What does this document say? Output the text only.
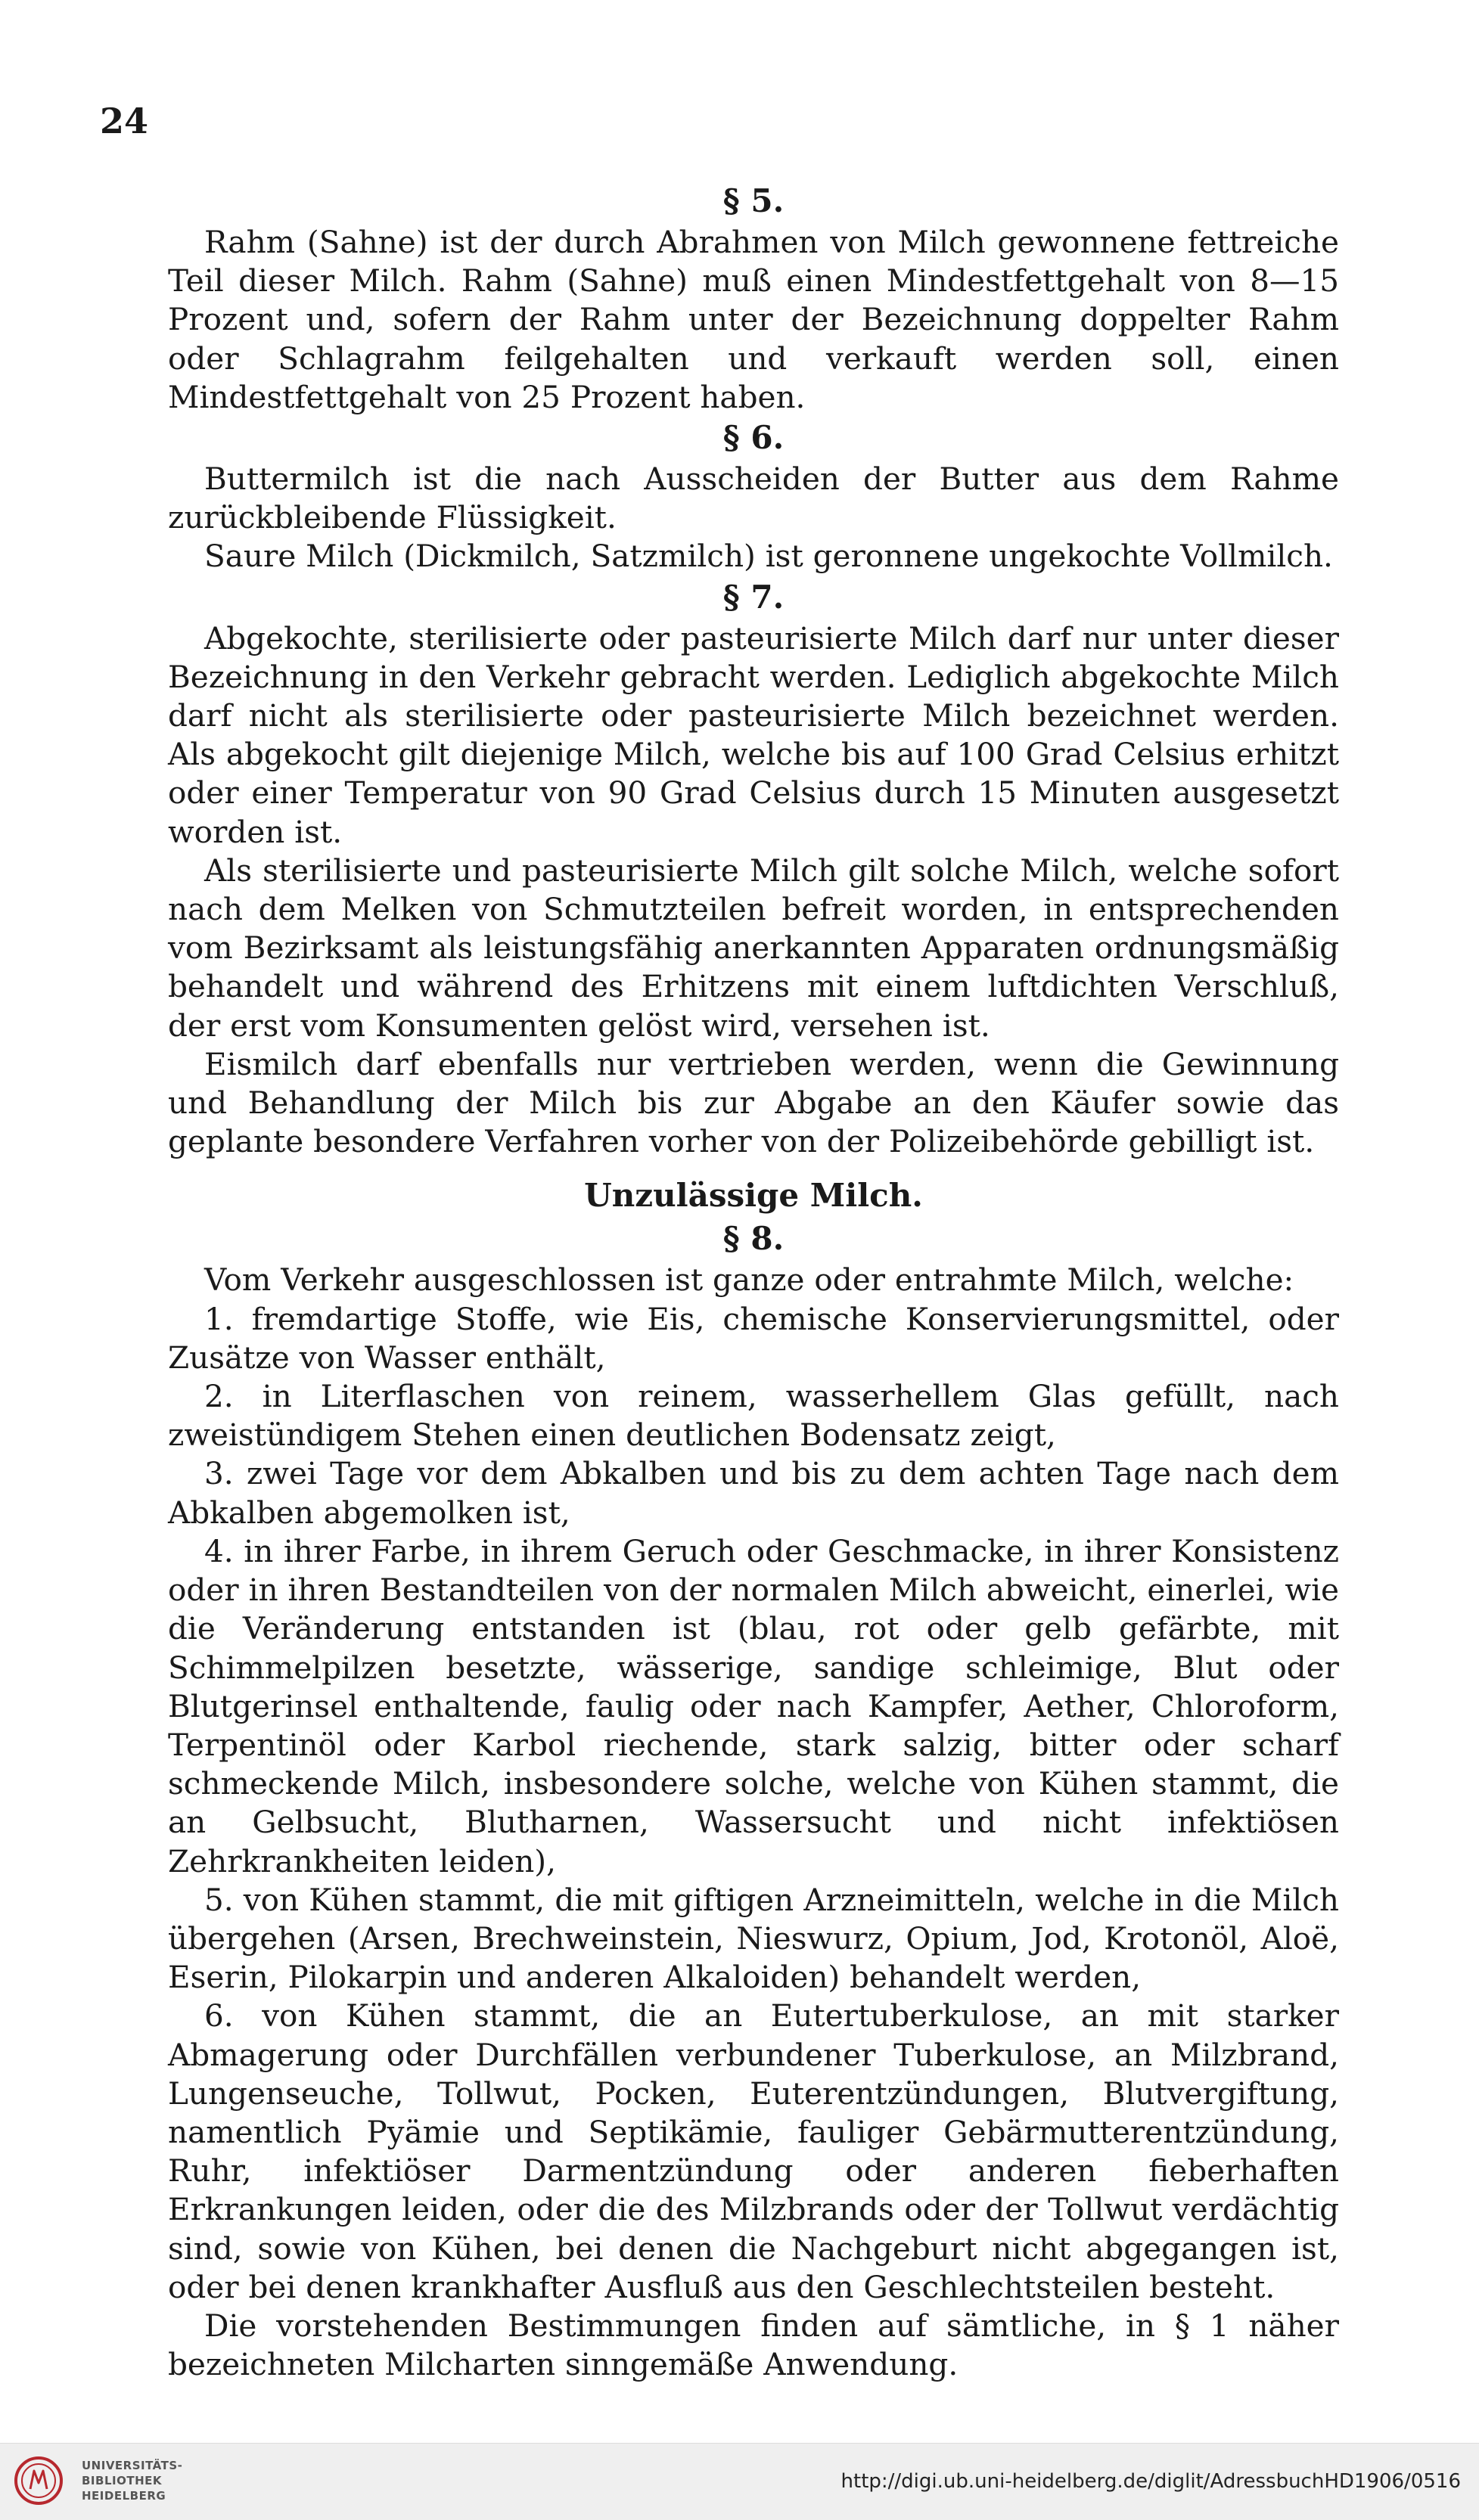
24
§ 5.

Rahm (Sahne) ist der durch Abrahmen von Milch gewonnene fettreiche Teil dieser Milch. Rahm (Sahne) muß einen Mindestfettgehalt von 8—15 Prozent und, sofern der Rahm unter der Bezeichnung doppelter Rahm oder Schlagrahm feilgehalten und verkauft werden soll, einen Mindestfettgehalt von 25 Prozent haben.

§ 6.

Buttermilch ist die nach Ausscheiden der Butter aus dem Rahme zurückbleibende Flüssigkeit.

Saure Milch (Dickmilch, Satzmilch) ist geronnene ungekochte Vollmilch.

§ 7.

Abgekochte, sterilisierte oder pasteurisierte Milch darf nur unter dieser Bezeichnung in den Verkehr gebracht werden. Lediglich abgekochte Milch darf nicht als sterilisierte oder pasteurisierte Milch bezeichnet werden. Als abgekocht gilt diejenige Milch, welche bis auf 100 Grad Celsius erhitzt oder einer Temperatur von 90 Grad Celsius durch 15 Minuten ausgesetzt worden ist.

Als sterilisierte und pasteurisierte Milch gilt solche Milch, welche sofort nach dem Melken von Schmutzteilen befreit worden, in entsprechenden vom Bezirksamt als leistungsfähig anerkannten Apparaten ordnungsmäßig behandelt und während des Erhitzens mit einem luftdichten Verschluß, der erst vom Konsumenten gelöst wird, versehen ist.

Eismilch darf ebenfalls nur vertrieben werden, wenn die Gewinnung und Behandlung der Milch bis zur Abgabe an den Käufer sowie das geplante besondere Verfahren vorher von der Polizeibehörde gebilligt ist.

Unzulässige Milch.
§ 8.

Vom Verkehr ausgeschlossen ist ganze oder entrahmte Milch, welche:

1. fremdartige Stoffe, wie Eis, chemische Konservierungsmittel, oder Zusätze von Wasser enthält,

2. in Literflaschen von reinem, wasserhellem Glas gefüllt, nach zweistündigem Stehen einen deutlichen Bodensatz zeigt,

3. zwei Tage vor dem Abkalben und bis zu dem achten Tage nach dem Abkalben abgemolken ist,

4. in ihrer Farbe, in ihrem Geruch oder Geschmacke, in ihrer Konsistenz oder in ihren Bestandteilen von der normalen Milch abweicht, einerlei, wie die Veränderung entstanden ist (blau, rot oder gelb gefärbte, mit Schimmelpilzen besetzte, wässerige, sandige schleimige, Blut oder Blutgerinsel enthaltende, faulig oder nach Kampfer, Aether, Chloroform, Terpentinöl oder Karbol riechende, stark salzig, bitter oder scharf schmeckende Milch, insbesondere solche, welche von Kühen stammt, die an Gelbsucht, Blutharnen, Wassersucht und nicht infektiösen Zehrkrankheiten leiden),

5. von Kühen stammt, die mit giftigen Arzneimitteln, welche in die Milch übergehen (Arsen, Brechweinstein, Nieswurz, Opium, Jod, Krotonöl, Aloë, Eserin, Pilokarpin und anderen Alkaloiden) behandelt werden,

6. von Kühen stammt, die an Eutertuberkulose, an mit starker Abmagerung oder Durchfällen verbundener Tuberkulose, an Milzbrand, Lungenseuche, Tollwut, Pocken, Euterentzündungen, Blutvergiftung, namentlich Pyämie und Septikämie, fauliger Gebärmutterentzündung, Ruhr, infektiöser Darmentzündung oder anderen fieberhaften Erkrankungen leiden, oder die des Milzbrands oder der Tollwut verdächtig sind, sowie von Kühen, bei denen die Nachgeburt nicht abgegangen ist, oder bei denen krankhafter Ausfluß aus den Geschlechtsteilen besteht.

Die vorstehenden Bestimmungen finden auf sämtliche, in § 1 näher bezeichneten Milcharten sinngemäße Anwendung.

UNIVERSITÄTS-
BIBLIOTHEK
HEIDELBERG
http://digi.ub.uni-heidelberg.de/diglit/AdressbuchHD1906/0516
